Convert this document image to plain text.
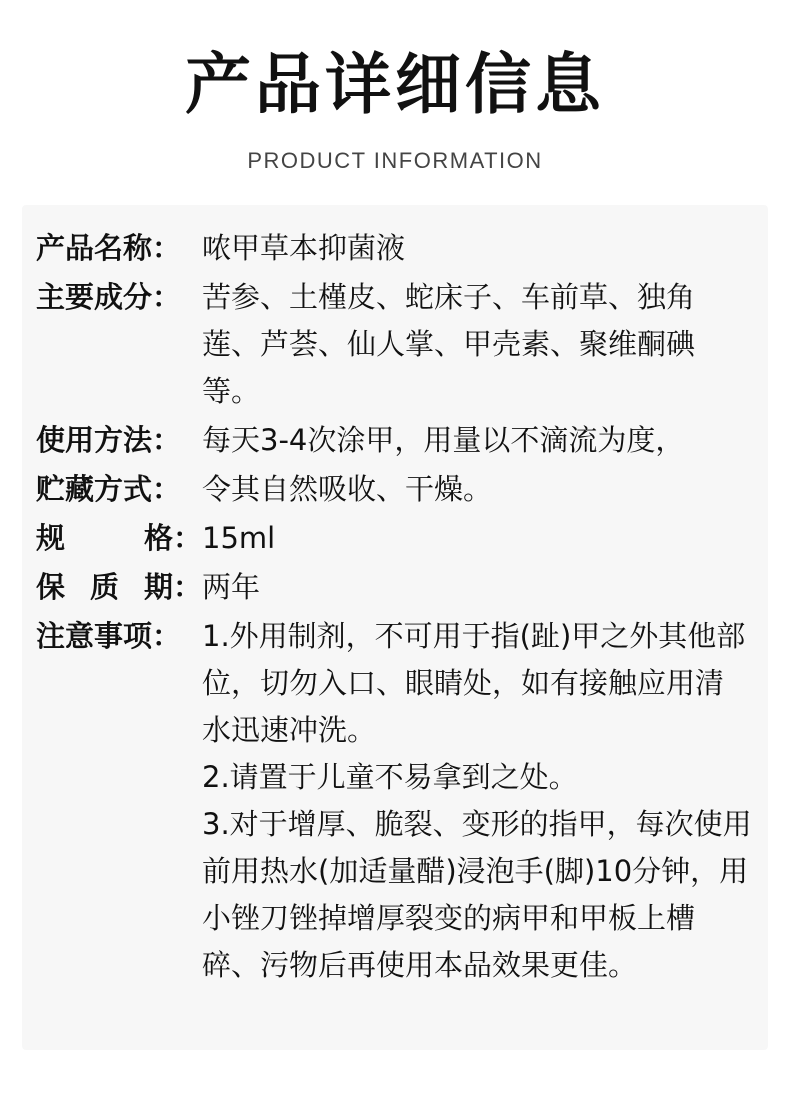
产品详细信息
PRODUCT INFORMATION
产品名称： 哝甲草本抑菌液
主要成分： 苦参、土槿皮、蛇床子、车前草、独角莲、芦荟、仙人掌、甲壳素、聚维酮碘等。
使用方法： 每天3-4次涂甲，用量以不滴流为度，
贮藏方式： 令其自然吸收、干燥。
规	格： 15ml
保 质 期： 两年
注意事项： 1.外用制剂，不可用于指(趾)甲之外其他部位，切勿入口、眼睛处，如有接触应用清水迅速冲洗。

2.请置于儿童不易拿到之处。

3.对于增厚、脆裂、变形的指甲，每次使用前用热水(加适量醋)浸泡手(脚)10分钟，用小锉刀锉掉增厚裂变的病甲和甲板上槽碎、污物后再使用本品效果更佳。
